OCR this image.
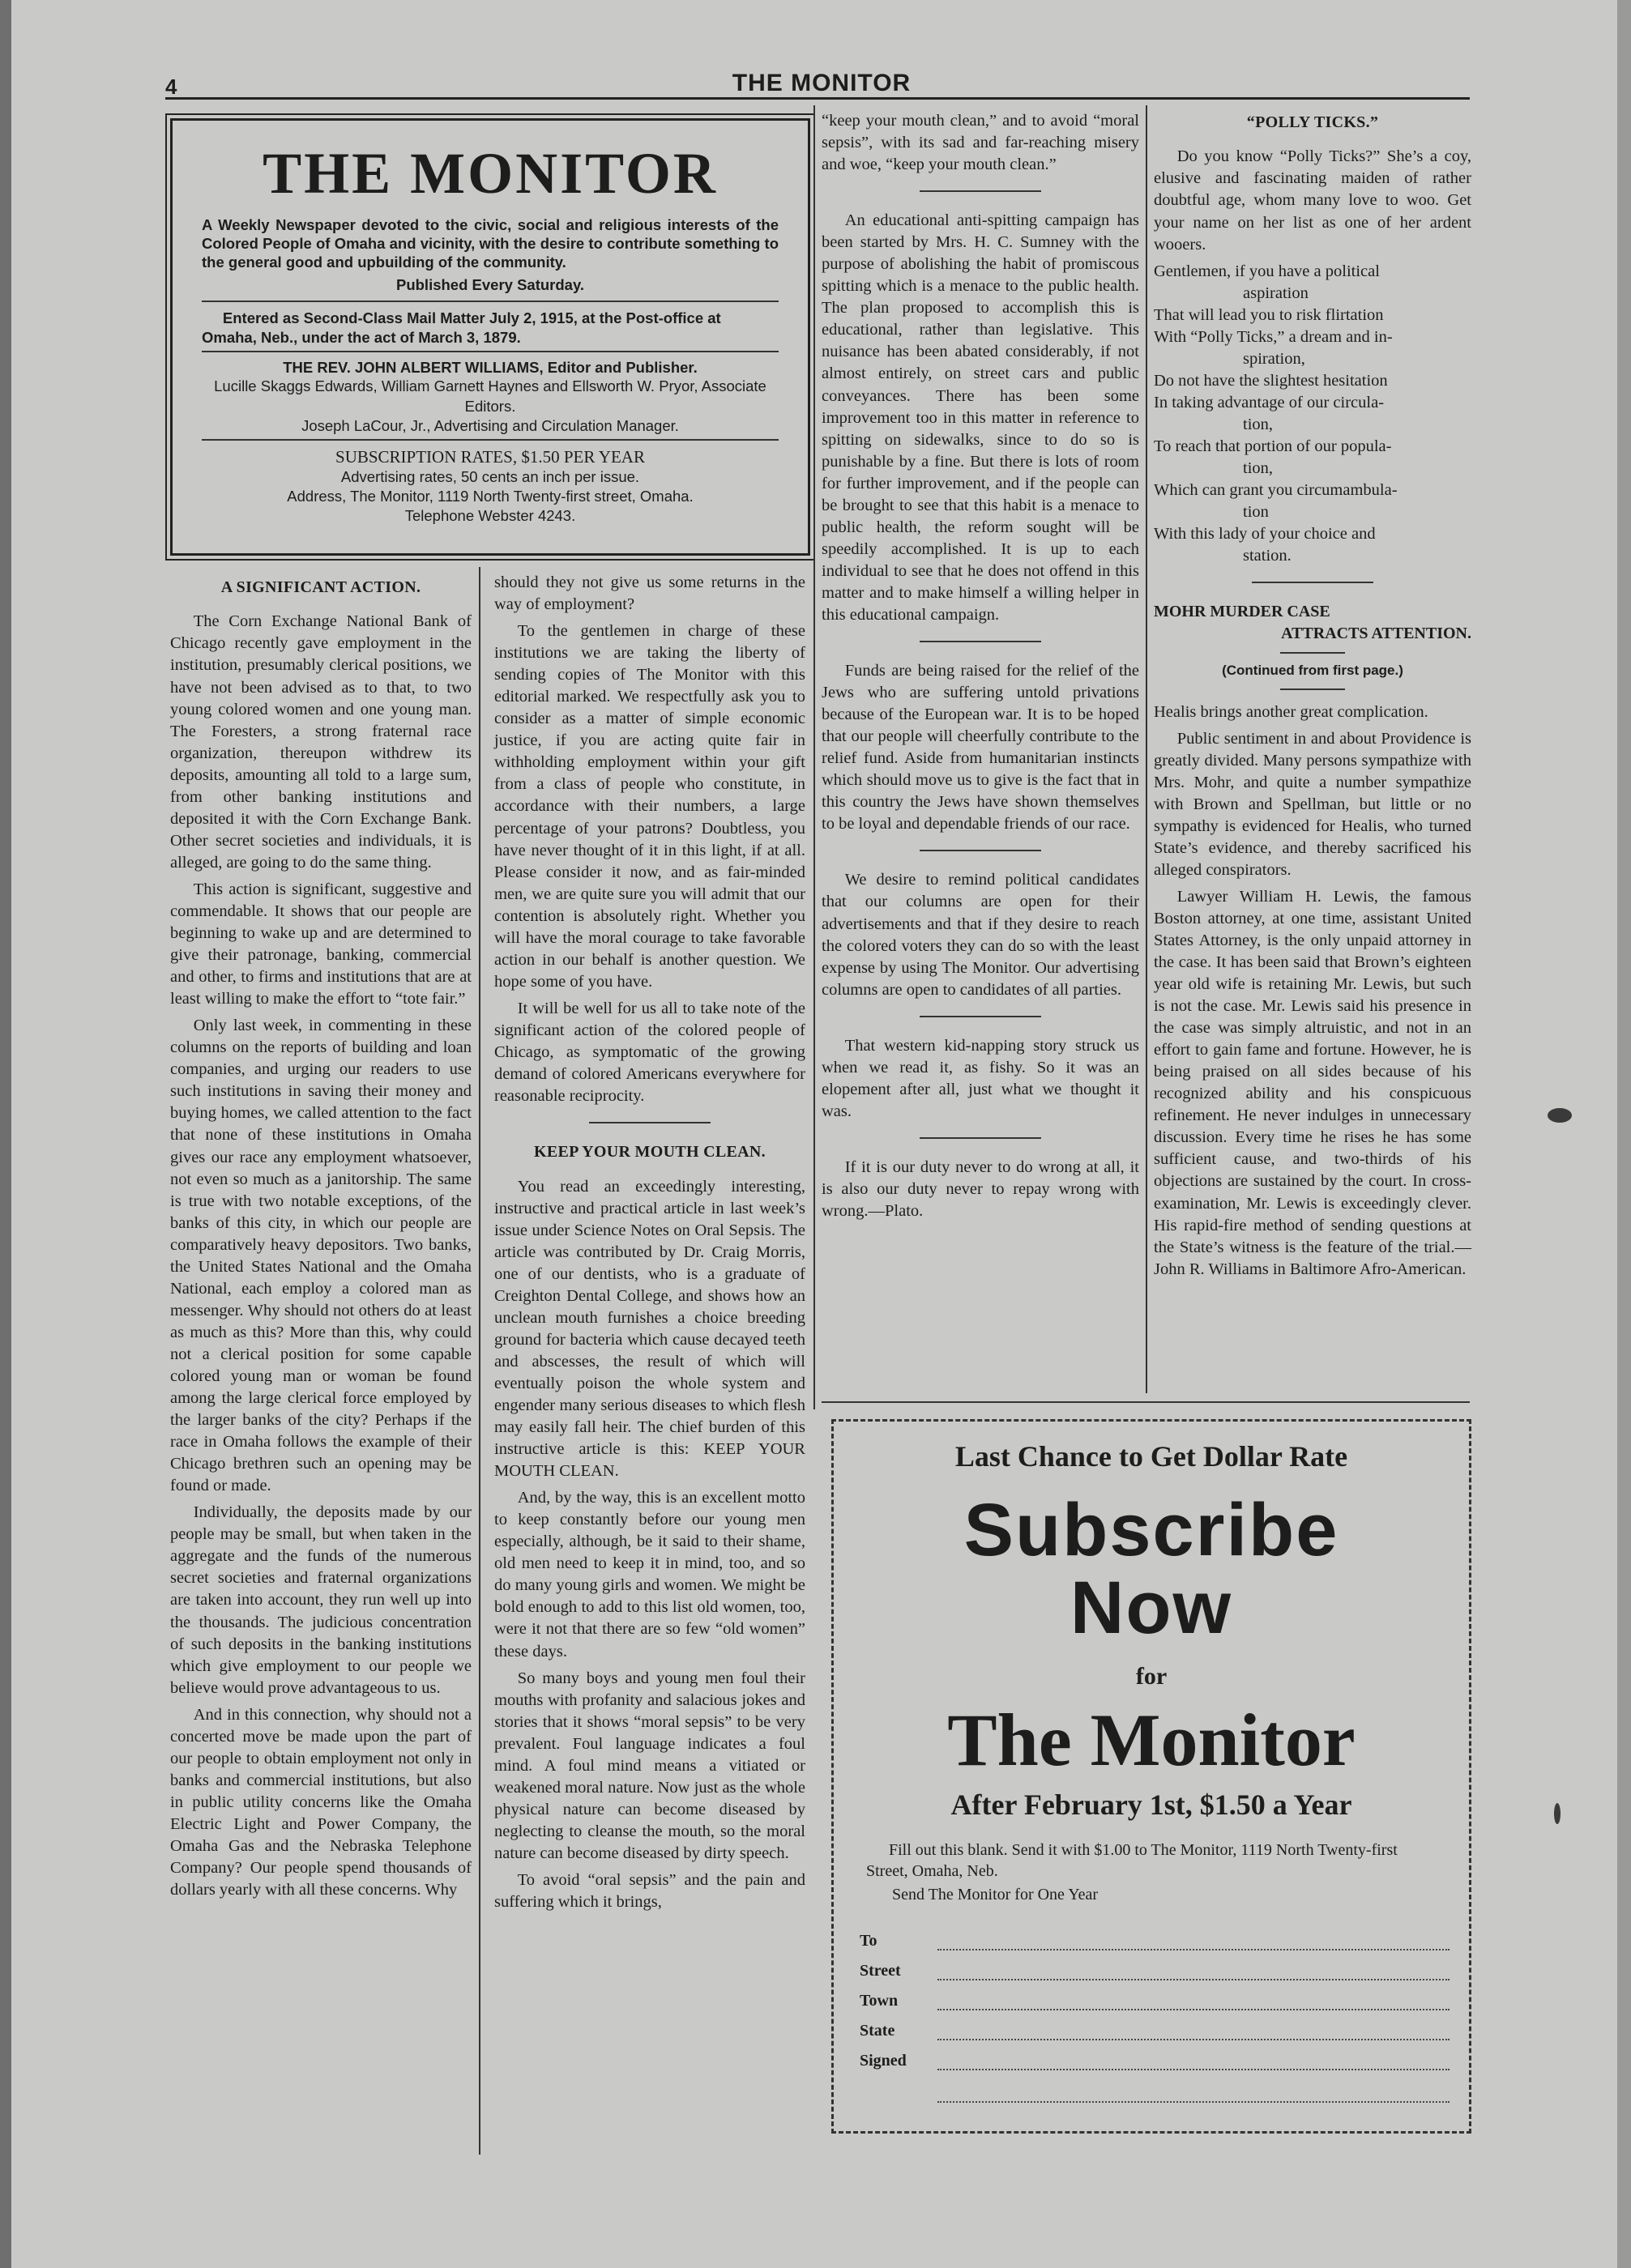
4	THE MONITOR
THE MONITOR
A Weekly Newspaper devoted to the civic, social and religious interests of the Colored People of Omaha and vicinity, with the desire to contribute something to the general good and upbuilding of the community.
Published Every Saturday.
Entered as Second-Class Mail Matter July 2, 1915, at the Post-office at Omaha, Neb., under the act of March 3, 1879.
THE REV. JOHN ALBERT WILLIAMS, Editor and Publisher.
Lucille Skaggs Edwards, William Garnett Haynes and Ellsworth W. Pryor, Associate Editors.
Joseph LaCour, Jr., Advertising and Circulation Manager.
SUBSCRIPTION RATES, $1.50 PER YEAR
Advertising rates, 50 cents an inch per issue.
Address, The Monitor, 1119 North Twenty-first street, Omaha.
Telephone Webster 4243.
A SIGNIFICANT ACTION.

The Corn Exchange National Bank of Chicago recently gave employment in the institution, presumably clerical positions, we have not been advised as to that, to two young colored women and one young man. The Foresters, a strong fraternal race organization, thereupon withdrew its deposits, amounting all told to a large sum, from other banking institutions and deposited it with the Corn Exchange Bank. Other secret societies and individuals, it is alleged, are going to do the same thing.

This action is significant, suggestive and commendable. It shows that our people are beginning to wake up and are determined to give their patronage, banking, commercial and other, to firms and institutions that are at least willing to make the effort to “tote fair.”

Only last week, in commenting in these columns on the reports of building and loan companies, and urging our readers to use such institutions in saving their money and buying homes, we called attention to the fact that none of these institutions in Omaha gives our race any employment whatsoever, not even so much as a janitorship. The same is true with two notable exceptions, of the banks of this city, in which our people are comparatively heavy depositors. Two banks, the United States National and the Omaha National, each employ a colored man as messenger. Why should not others do at least as much as this? More than this, why could not a clerical position for some capable colored young man or woman be found among the large clerical force employed by the larger banks of the city? Perhaps if the race in Omaha follows the example of their Chicago brethren such an opening may be found or made.

Individually, the deposits made by our people may be small, but when taken in the aggregate and the funds of the numerous secret societies and fraternal organizations are taken into account, they run well up into the thousands. The judicious concentration of such deposits in the banking institutions which give employment to our people we believe would prove advantageous to us.

And in this connection, why should not a concerted move be made upon the part of our people to obtain employment not only in banks and commercial institutions, but also in public utility concerns like the Omaha Electric Light and Power Company, the Omaha Gas and the Nebraska Telephone Company? Our people spend thousands of dollars yearly with all these concerns. Why

should they not give us some returns in the way of employment?

To the gentlemen in charge of these institutions we are taking the liberty of sending copies of The Monitor with this editorial marked. We respectfully ask you to consider as a matter of simple economic justice, if you are acting quite fair in withholding employment within your gift from a class of people who constitute, in accordance with their numbers, a large percentage of your patrons? Doubtless, you have never thought of it in this light, if at all. Please consider it now, and as fair-minded men, we are quite sure you will admit that our contention is absolutely right. Whether you will have the moral courage to take favorable action in our behalf is another question. We hope some of you have.

It will be well for us all to take note of the significant action of the colored people of Chicago, as symptomatic of the growing demand of colored Americans everywhere for reasonable reciprocity.

KEEP YOUR MOUTH CLEAN.

You read an exceedingly interesting, instructive and practical article in last week’s issue under Science Notes on Oral Sepsis. The article was contributed by Dr. Craig Morris, one of our dentists, who is a graduate of Creighton Dental College, and shows how an unclean mouth furnishes a choice breeding ground for bacteria which cause decayed teeth and abscesses, the result of which will eventually poison the whole system and engender many serious diseases to which flesh may easily fall heir. The chief burden of this instructive article is this: KEEP YOUR MOUTH CLEAN.

And, by the way, this is an excellent motto to keep constantly before our young men especially, although, be it said to their shame, old men need to keep it in mind, too, and so do many young girls and women. We might be bold enough to add to this list old women, too, were it not that there are so few “old women” these days.

So many boys and young men foul their mouths with profanity and salacious jokes and stories that it shows “moral sepsis” to be very prevalent. Foul language indicates a foul mind. A foul mind means a vitiated or weakened moral nature. Now just as the whole physical nature can become diseased by neglecting to cleanse the mouth, so the moral nature can become diseased by dirty speech.

To avoid “oral sepsis” and the pain and suffering which it brings,

“keep your mouth clean,” and to avoid “moral sepsis”, with its sad and far-reaching misery and woe, “keep your mouth clean.”

An educational anti-spitting campaign has been started by Mrs. H. C. Sumney with the purpose of abolishing the habit of promiscous spitting which is a menace to the public health. The plan proposed to accomplish this is educational, rather than legislative. This nuisance has been abated considerably, if not almost entirely, on street cars and public conveyances. There has been some improvement too in this matter in reference to spitting on sidewalks, since to do so is punishable by a fine. But there is lots of room for further improvement, and if the people can be brought to see that this habit is a menace to public health, the reform sought will be speedily accomplished. It is up to each individual to see that he does not offend in this matter and to make himself a willing helper in this educational campaign.

Funds are being raised for the relief of the Jews who are suffering untold privations because of the European war. It is to be hoped that our people will cheerfully contribute to the relief fund. Aside from humanitarian instincts which should move us to give is the fact that in this country the Jews have shown themselves to be loyal and dependable friends of our race.

We desire to remind political candidates that our columns are open for their advertisements and that if they desire to reach the colored voters they can do so with the least expense by using The Monitor. Our advertising columns are open to candidates of all parties.

That western kid-napping story struck us when we read it, as fishy. So it was an elopement after all, just what we thought it was.

If it is our duty never to do wrong at all, it is also our duty never to repay wrong with wrong.—Plato.

“POLLY TICKS.”

Do you know “Polly Ticks?” She’s a coy, elusive and fascinating maiden of rather doubtful age, whom many love to woo. Get your name on her list as one of her ardent wooers.

Gentlemen, if you have a political
aspiration
That will lead you to risk flirtation
With “Polly Ticks,” a dream and in-
spiration,
Do not have the slightest hesitation
In taking advantage of our circula-
tion,
To reach that portion of our popula-
tion,
Which can grant you circumambula-
tion
With this lady of your choice and
station.
MOHR MURDER CASE
ATTRACTS ATTENTION.
(Continued from first page.)

Healis brings another great complication.

Public sentiment in and about Providence is greatly divided. Many persons sympathize with Mrs. Mohr, and quite a number sympathize with Brown and Spellman, but little or no sympathy is evidenced for Healis, who turned State’s evidence, and thereby sacrificed his alleged conspirators.

Lawyer William H. Lewis, the famous Boston attorney, at one time, assistant United States Attorney, is the only unpaid attorney in the case. It has been said that Brown’s eighteen year old wife is retaining Mr. Lewis, but such is not the case. Mr. Lewis said his presence in the case was simply altruistic, and not in an effort to gain fame and fortune. However, he is being praised on all sides because of his recognized ability and his conspicuous refinement. He never indulges in unnecessary discussion. Every time he rises he has some sufficient cause, and two-thirds of his objections are sustained by the court. In cross-examination, Mr. Lewis is exceedingly clever. His rapid-fire method of sending questions at the State’s witness is the feature of the trial.—John R. Williams in Baltimore Afro-American.

Last Chance to Get Dollar Rate
Subscribe
Now
for
The Monitor
After February 1st, $1.50 a Year
Fill out this blank. Send it with $1.00 to The Monitor, 1119 North Twenty-first Street, Omaha, Neb.
Send The Monitor for One Year
To
Street
Town
State
Signed
